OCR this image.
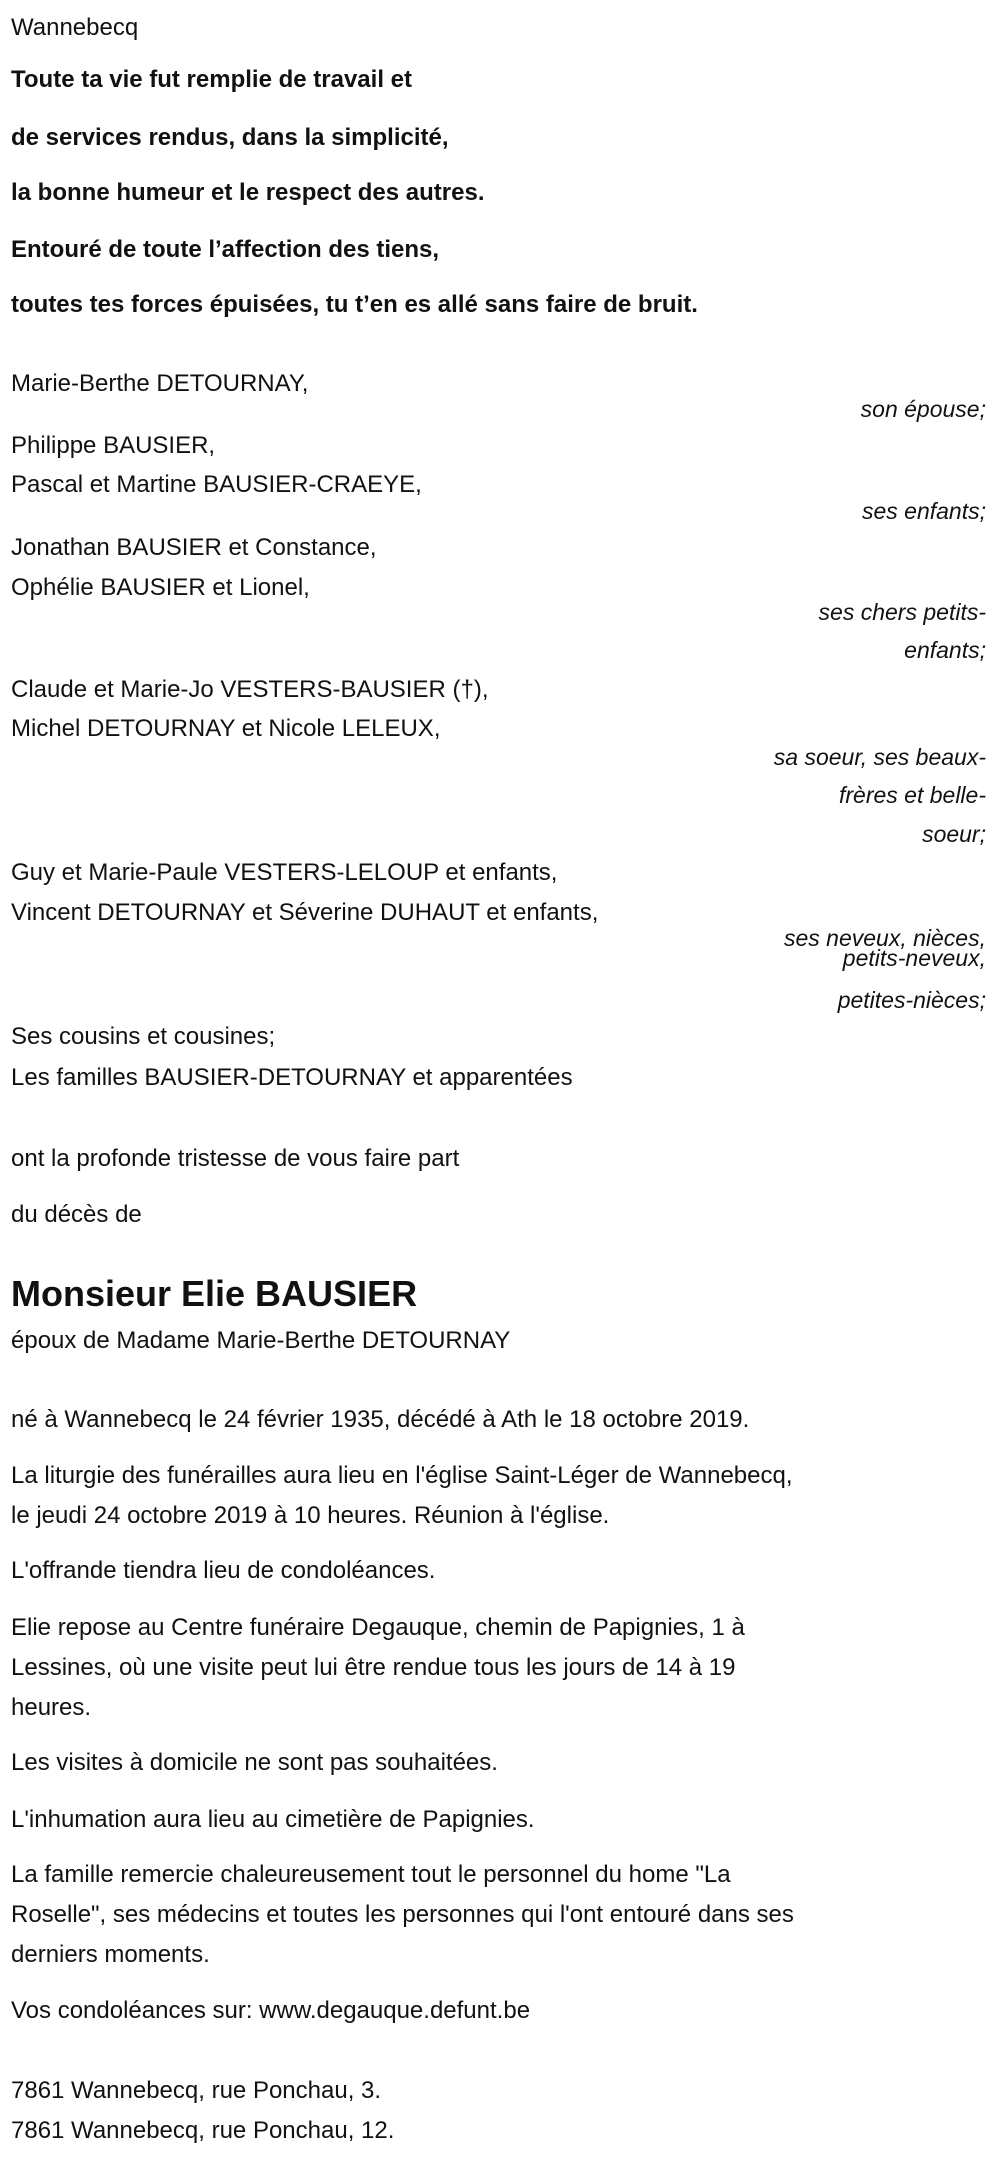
Wannebecq
Toute ta vie fut remplie de travail et
de services rendus, dans la simplicité,
la bonne humeur et le respect des autres.
Entouré de toute l’affection des tiens,
toutes tes forces épuisées, tu t’en es allé sans faire de bruit.
Marie-Berthe DETOURNAY,
son épouse;
Philippe BAUSIER,
Pascal et Martine BAUSIER-CRAEYE,
ses enfants;
Jonathan BAUSIER et Constance,
Ophélie BAUSIER et Lionel,
ses chers petits-
enfants;
Claude et Marie-Jo VESTERS-BAUSIER (†),
Michel DETOURNAY et Nicole LELEUX,
sa soeur, ses beaux-
frères et belle-
soeur;
Guy et Marie-Paule VESTERS-LELOUP et enfants,
Vincent DETOURNAY et Séverine DUHAUT et enfants,
ses neveux, nièces,
petits-neveux,
petites-nièces;
Ses cousins et cousines;
Les familles BAUSIER-DETOURNAY et apparentées
ont la profonde tristesse de vous faire part
du décès de
Monsieur Elie BAUSIER
époux de Madame Marie-Berthe DETOURNAY
né à Wannebecq le 24 février 1935, décédé à Ath le 18 octobre 2019.
La liturgie des funérailles aura lieu en l'église Saint-Léger de Wannebecq,
le jeudi 24 octobre 2019 à 10 heures. Réunion à l'église.
L'offrande tiendra lieu de condoléances.
Elie repose au Centre funéraire Degauque, chemin de Papignies, 1 à
Lessines, où une visite peut lui être rendue tous les jours de 14 à 19
heures.
Les visites à domicile ne sont pas souhaitées.
L'inhumation aura lieu au cimetière de Papignies.
La famille remercie chaleureusement tout le personnel du home "La
Roselle", ses médecins et toutes les personnes qui l'ont entouré dans ses
derniers moments.
Vos condoléances sur: www.degauque.defunt.be
7861 Wannebecq, rue Ponchau, 3.
7861 Wannebecq, rue Ponchau, 12.
